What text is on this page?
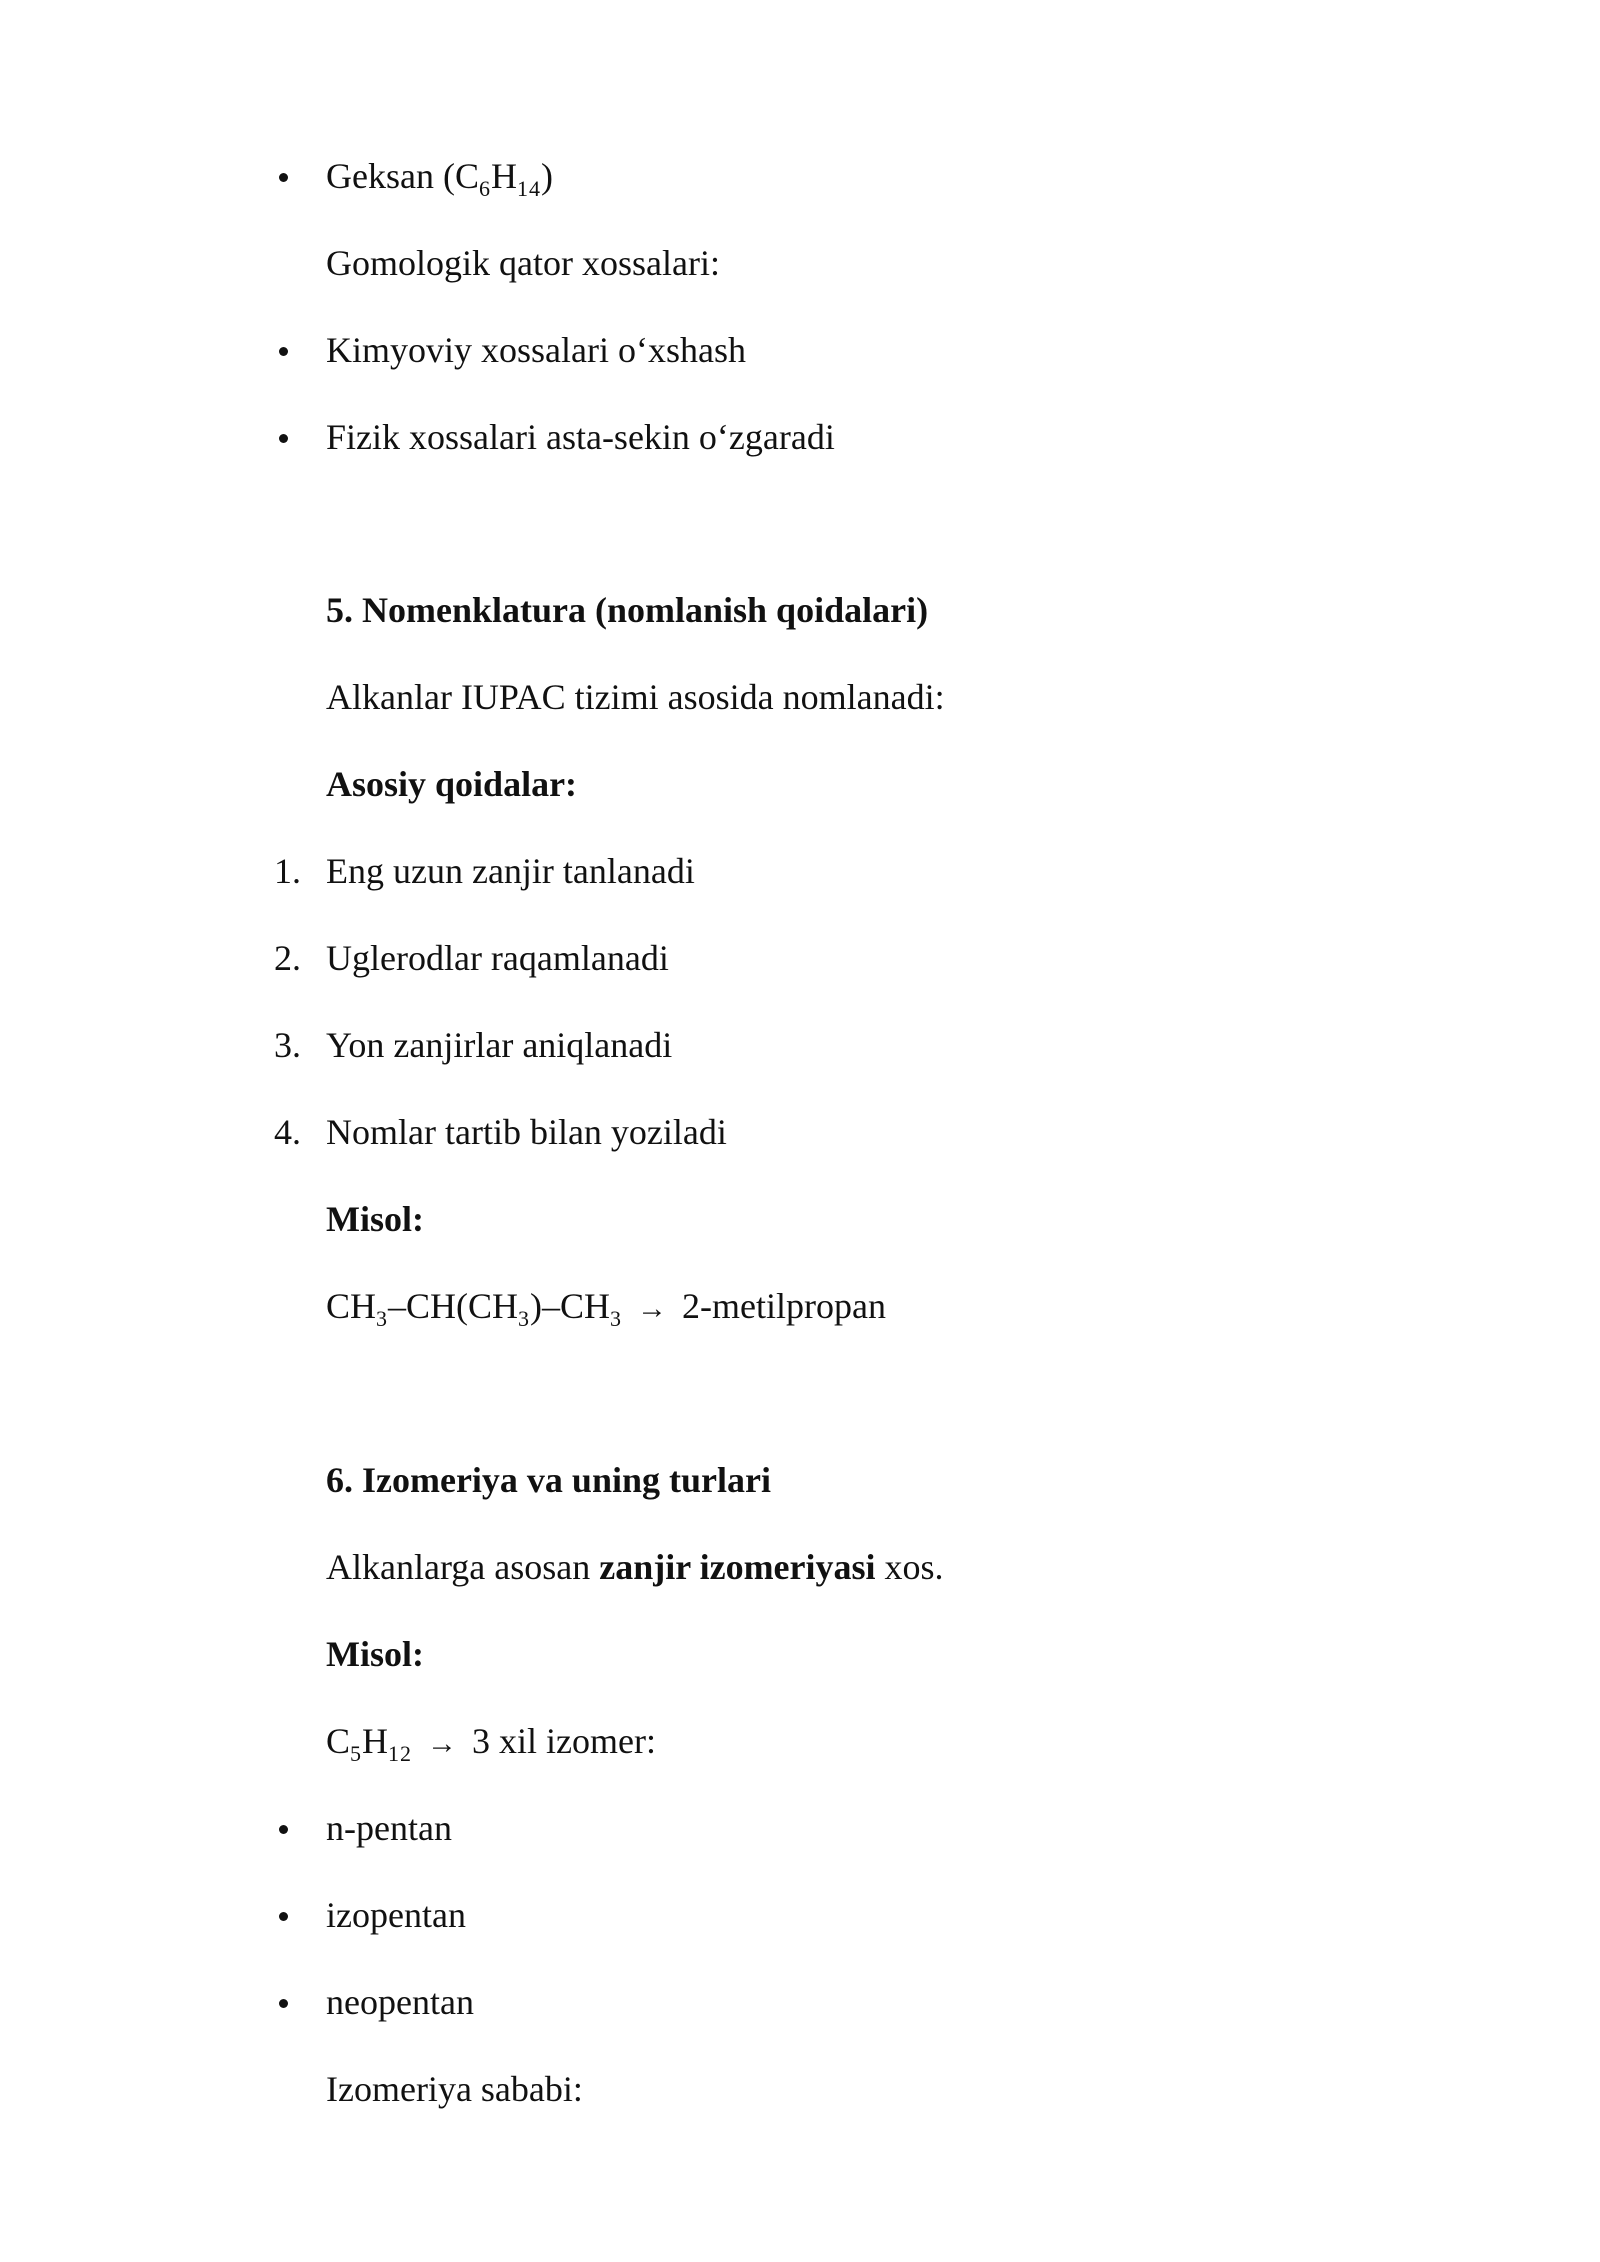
Geksan $(C_6H_{14})$
Gomologik qator xossalari:
Kimyoviy xossalari o‘xshash
Fizik xossalari asta-sekin o‘zgaradi
5. Nomenklatura (nomlanish qoidalari)
Alkanlar IUPAC tizimi asosida nomlanadi:
Asosiy qoidalar:
1. Eng uzun zanjir tanlanadi
2. Uglerodlar raqamlanadi
3. Yon zanjirlar aniqlanadi
4. Nomlar tartib bilan yoziladi
Misol:
$CH_3-CH(CH_3)-CH_3$ → 2-metilpropan
6. Izomeriya va uning turlari
Alkanlarga asosan zanjir izomeriyasi xos.
Misol:
$C_5H_{12} \to 3$ xil izomer:
n-pentan
izopentan
neopentan
Izomeriya sababi:
